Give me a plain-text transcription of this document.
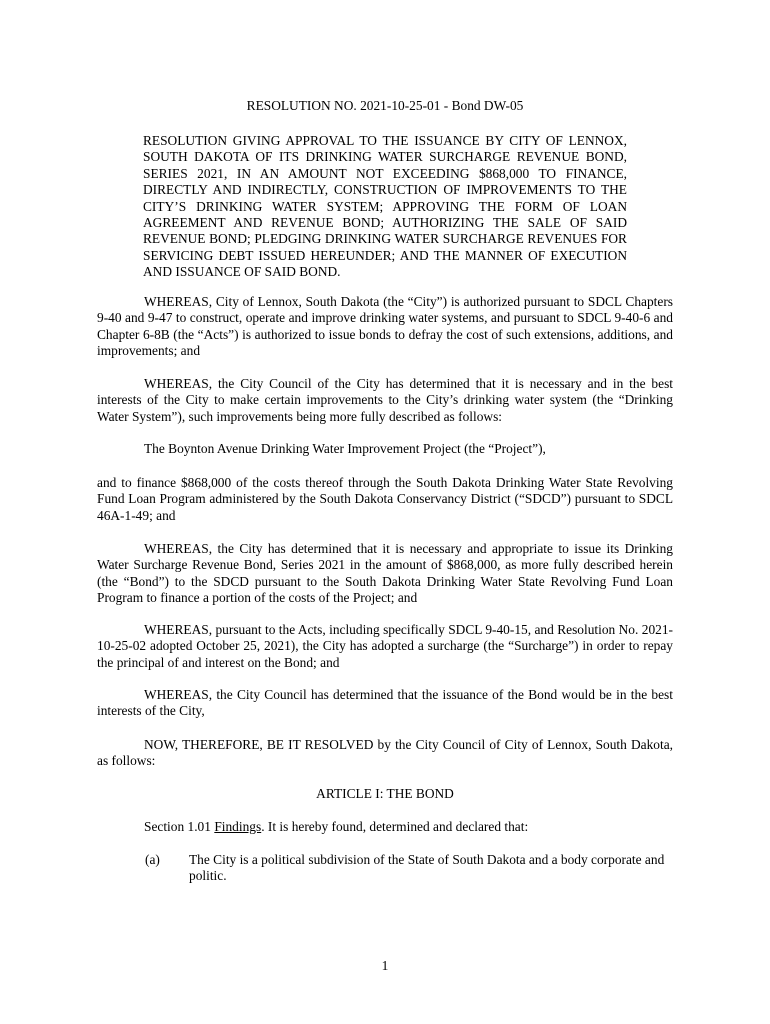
RESOLUTION NO. 2021-10-25-01 - Bond DW-05

RESOLUTION GIVING APPROVAL TO THE ISSUANCE BY CITY OF LENNOX, SOUTH DAKOTA OF ITS DRINKING WATER SURCHARGE REVENUE BOND, SERIES 2021, IN AN AMOUNT NOT EXCEEDING $868,000 TO FINANCE, DIRECTLY AND INDIRECTLY, CONSTRUCTION OF IMPROVEMENTS TO THE CITY’S DRINKING WATER SYSTEM; APPROVING THE FORM OF LOAN AGREEMENT AND REVENUE BOND; AUTHORIZING THE SALE OF SAID REVENUE BOND; PLEDGING DRINKING WATER SURCHARGE REVENUES FOR SERVICING DEBT ISSUED HEREUNDER; AND THE MANNER OF EXECUTION AND ISSUANCE OF SAID BOND.

WHEREAS, City of Lennox, South Dakota (the “City”) is authorized pursuant to SDCL Chapters 9-40 and 9-47 to construct, operate and improve drinking water systems, and pursuant to SDCL 9-40-6 and Chapter 6-8B (the “Acts”) is authorized to issue bonds to defray the cost of such extensions, additions, and improvements; and

WHEREAS, the City Council of the City has determined that it is necessary and in the best interests of the City to make certain improvements to the City’s drinking water system (the “Drinking Water System”), such improvements being more fully described as follows:

The Boynton Avenue Drinking Water Improvement Project (the “Project”),

and to finance $868,000 of the costs thereof through the South Dakota Drinking Water State Revolving Fund Loan Program administered by the South Dakota Conservancy District (“SDCD”) pursuant to SDCL 46A-1-49; and

WHEREAS, the City has determined that it is necessary and appropriate to issue its Drinking Water Surcharge Revenue Bond, Series 2021 in the amount of $868,000, as more fully described herein (the “Bond”) to the SDCD pursuant to the South Dakota Drinking Water State Revolving Fund Loan Program to finance a portion of the costs of the Project; and

WHEREAS, pursuant to the Acts, including specifically SDCL 9-40-15, and Resolution No. 2021-10-25-02 adopted October 25, 2021), the City has adopted a surcharge (the “Surcharge”) in order to repay the principal of and interest on the Bond; and

WHEREAS, the City Council has determined that the issuance of the Bond would be in the best interests of the City,

NOW, THEREFORE, BE IT RESOLVED by the City Council of City of Lennox, South Dakota, as follows:

ARTICLE I: THE BOND

Section 1.01 Findings. It is hereby found, determined and declared that:

(a) The City is a political subdivision of the State of South Dakota and a body corporate and politic.

1
